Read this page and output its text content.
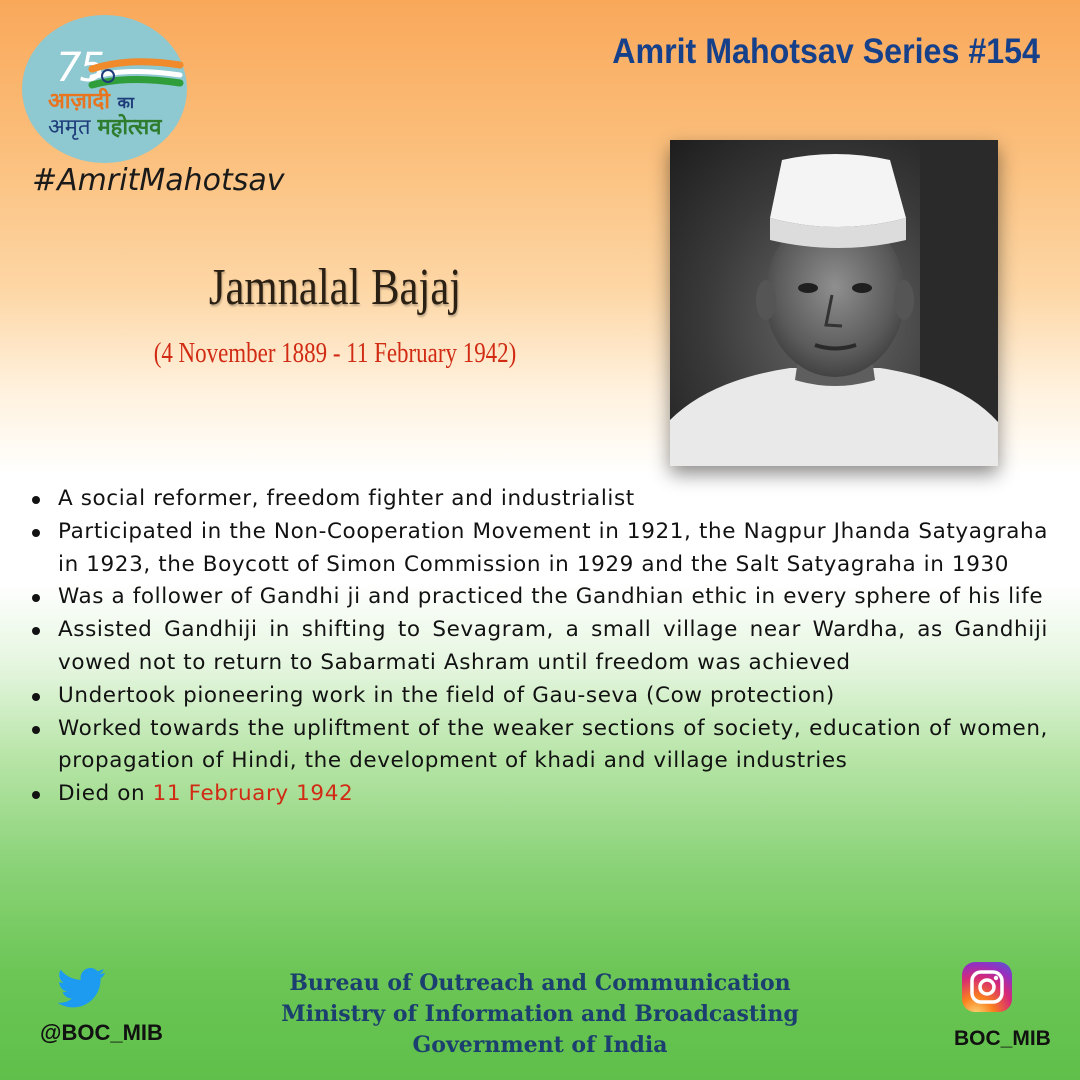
75
आज़ादी का
अमृत महोत्सव
#AmritMahotsav
Amrit Mahotsav Series #154
Jamnalal Bajaj
(4 November 1889 - 11 February 1942)
A social reformer, freedom fighter and industrialist
Participated in the Non-Cooperation Movement in 1921, the Nagpur Jhanda Satyagraha in 1923, the Boycott of Simon Commission in 1929 and the Salt Satyagraha in 1930
Was a follower of Gandhi ji and practiced the Gandhian ethic in every sphere of his life
Assisted Gandhiji in shifting to Sevagram, a small village near Wardha, as Gandhiji vowed not to return to Sabarmati Ashram until freedom was achieved
Undertook pioneering work in the field of Gau-seva (Cow protection)
Worked towards the upliftment of the weaker sections of society, education of women, propagation of Hindi, the development of khadi and village industries
Died on 11 February 1942
@BOC_MIB	BOC_MIB
Bureau of Outreach and Communication
Ministry of Information and Broadcasting
Government of India
